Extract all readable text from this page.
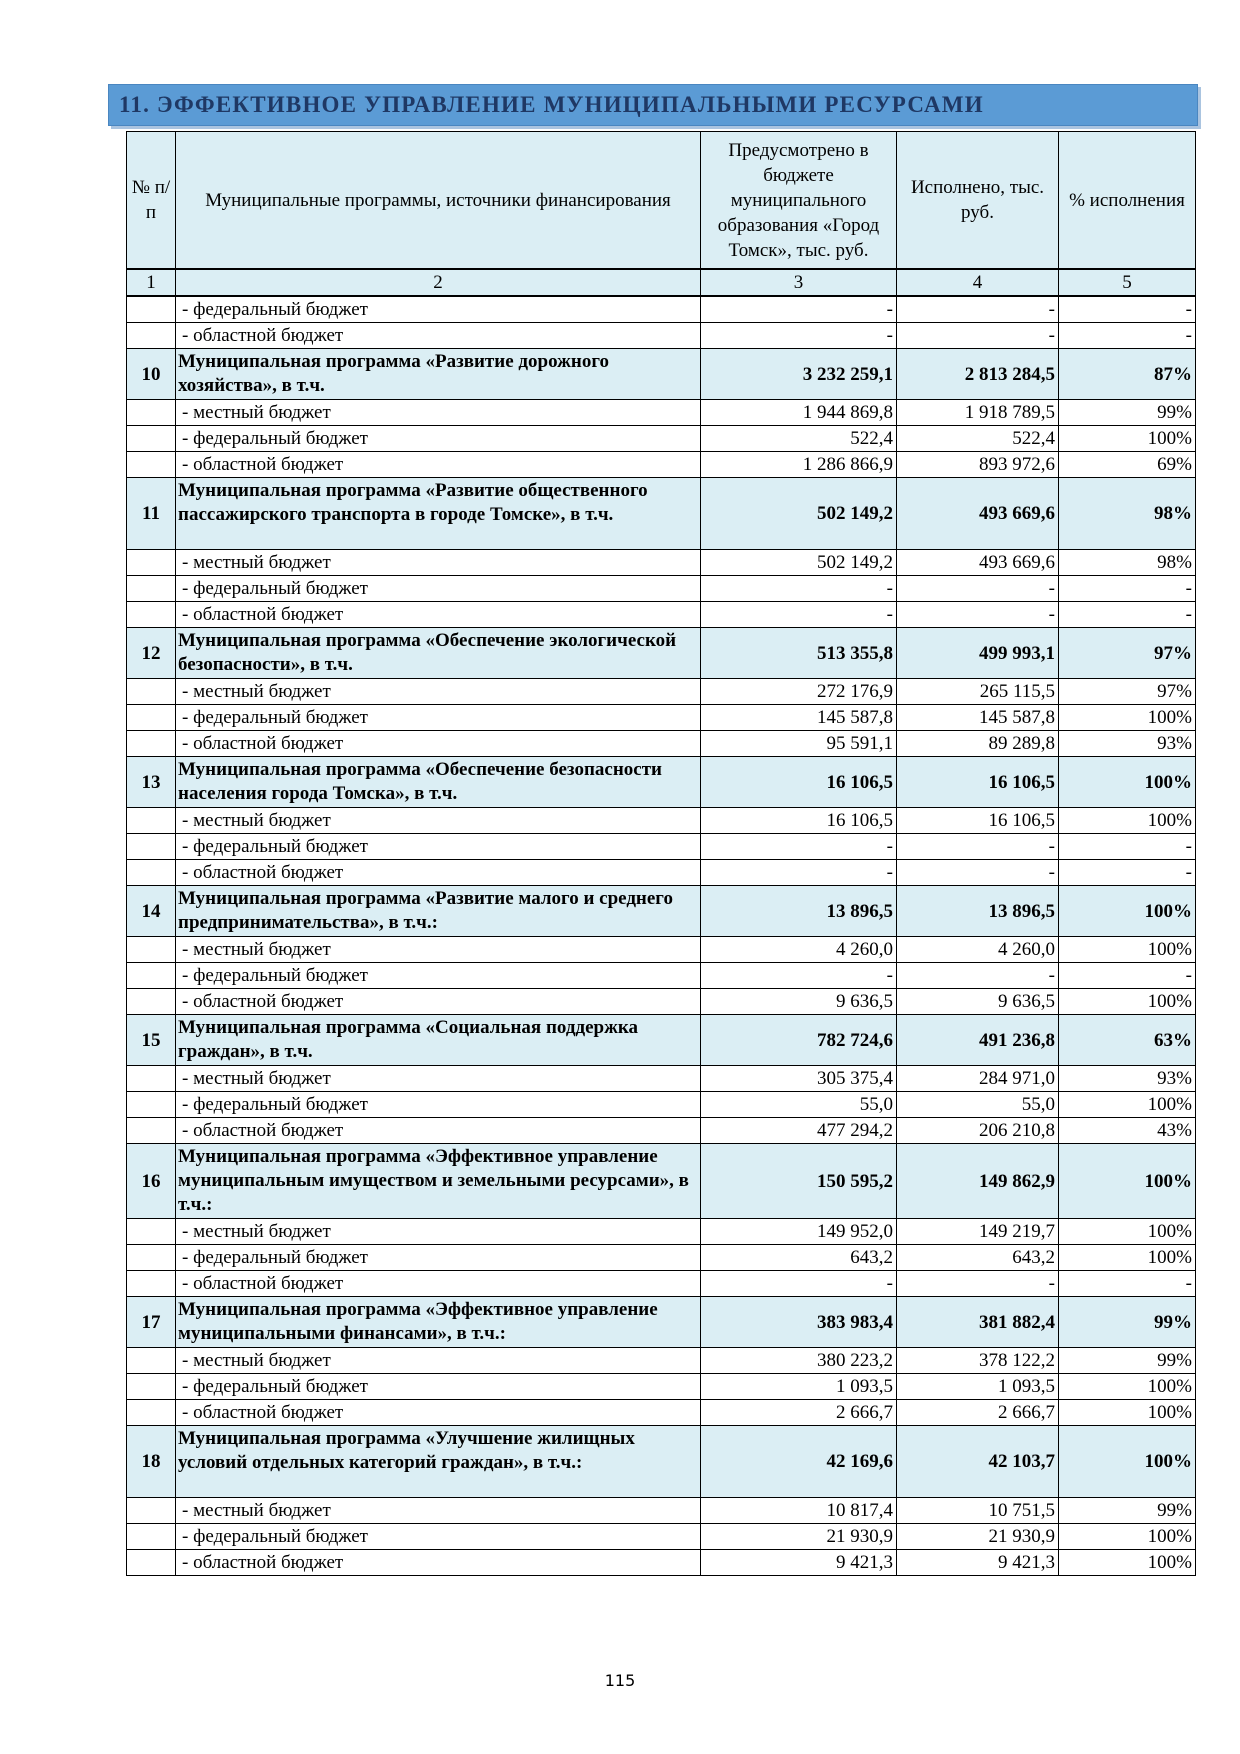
11. ЭФФЕКТИВНОЕ УПРАВЛЕНИЕ МУНИЦИПАЛЬНЫМИ РЕСУРСАМИ
№ п/п	Муниципальные программы, источники финансирования	Предусмотрено в бюджете муниципального образования «Город Томск», тыс. руб.	Исполнено, тыс. руб.	% исполнения
1	2	3	4	5
	- федеральный бюджет	-	-	-
	- областной бюджет	-	-	-
10	Муниципальная программа «Развитие дорожного хозяйства», в т.ч.	3 232 259,1	2 813 284,5	87%
	- местный бюджет	1 944 869,8	1 918 789,5	99%
	- федеральный бюджет	522,4	522,4	100%
	- областной бюджет	1 286 866,9	893 972,6	69%
11	Муниципальная программа «Развитие общественного пассажирского транспорта в городе Томске», в т.ч.	502 149,2	493 669,6	98%
	- местный бюджет	502 149,2	493 669,6	98%
	- федеральный бюджет	-	-	-
	- областной бюджет	-	-	-
12	Муниципальная программа «Обеспечение экологической безопасности», в т.ч.	513 355,8	499 993,1	97%
	- местный бюджет	272 176,9	265 115,5	97%
	- федеральный бюджет	145 587,8	145 587,8	100%
	- областной бюджет	95 591,1	89 289,8	93%
13	Муниципальная программа «Обеспечение безопасности населения города Томска», в т.ч.	16 106,5	16 106,5	100%
	- местный бюджет	16 106,5	16 106,5	100%
	- федеральный бюджет	-	-	-
	- областной бюджет	-	-	-
14	Муниципальная программа «Развитие малого и среднего предпринимательства», в т.ч.:	13 896,5	13 896,5	100%
	- местный бюджет	4 260,0	4 260,0	100%
	- федеральный бюджет	-	-	-
	- областной бюджет	9 636,5	9 636,5	100%
15	Муниципальная программа «Социальная поддержка граждан», в т.ч.	782 724,6	491 236,8	63%
	- местный бюджет	305 375,4	284 971,0	93%
	- федеральный бюджет	55,0	55,0	100%
	- областной бюджет	477 294,2	206 210,8	43%
16	Муниципальная программа «Эффективное управление муниципальным имуществом и земельными ресурсами», в т.ч.:	150 595,2	149 862,9	100%
	- местный бюджет	149 952,0	149 219,7	100%
	- федеральный бюджет	643,2	643,2	100%
	- областной бюджет	-	-	-
17	Муниципальная программа «Эффективное управление муниципальными финансами», в т.ч.:	383 983,4	381 882,4	99%
	- местный бюджет	380 223,2	378 122,2	99%
	- федеральный бюджет	1 093,5	1 093,5	100%
	- областной бюджет	2 666,7	2 666,7	100%
18	Муниципальная программа «Улучшение жилищных условий отдельных категорий граждан», в т.ч.:	42 169,6	42 103,7	100%
	- местный бюджет	10 817,4	10 751,5	99%
	- федеральный бюджет	21 930,9	21 930,9	100%
	- областной бюджет	9 421,3	9 421,3	100%
115
